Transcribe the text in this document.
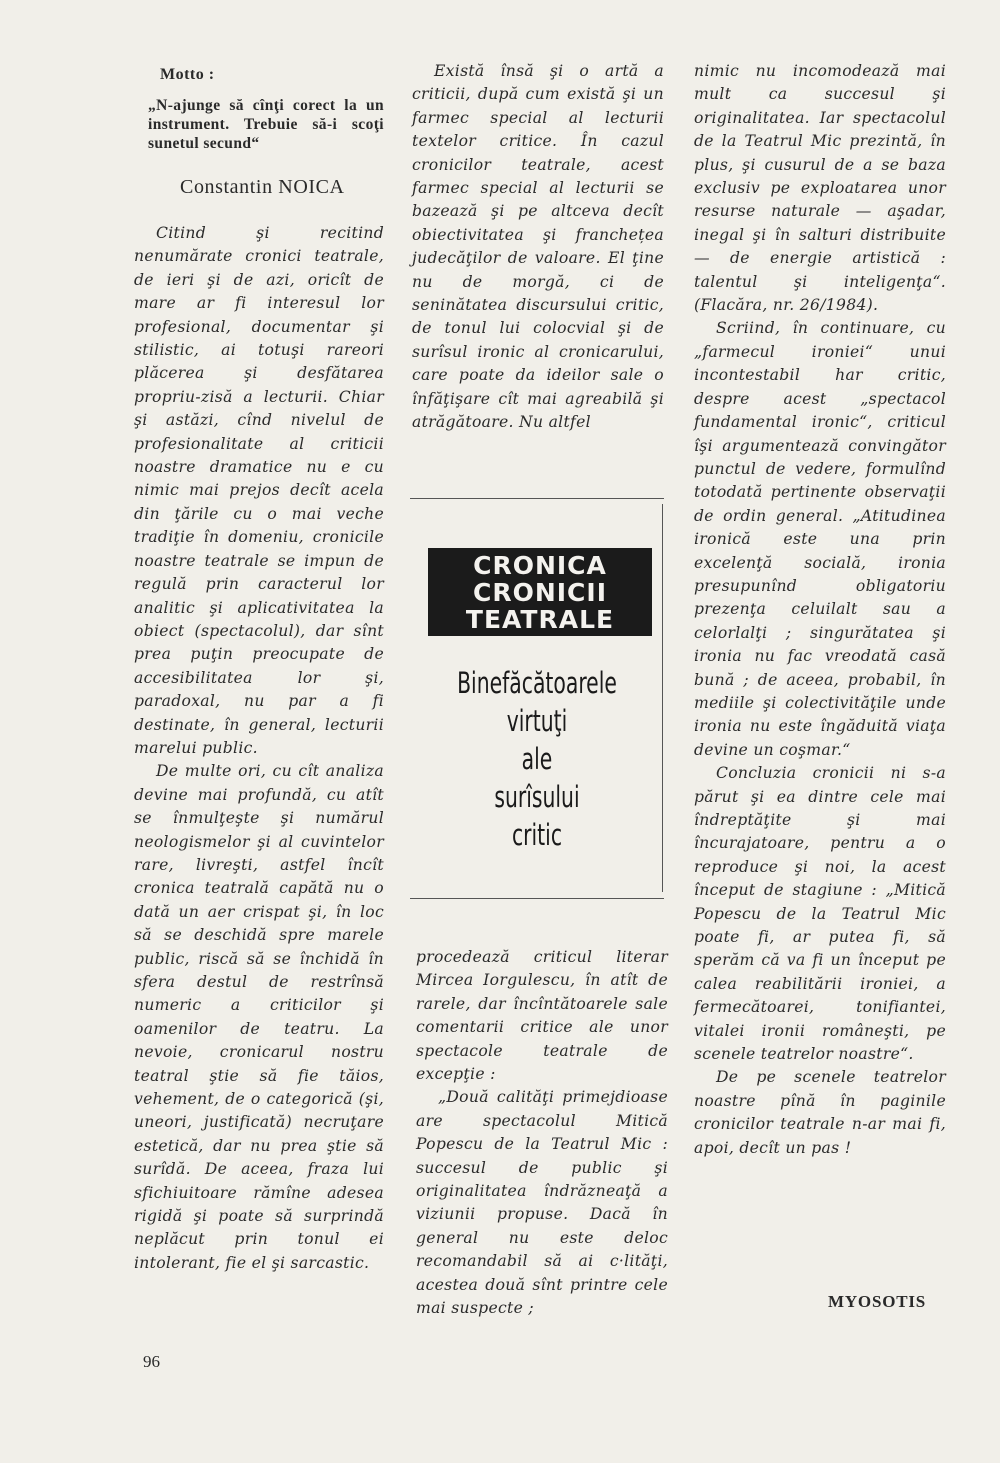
Motto :
„N-ajunge să cînţi corect la un instrument. Trebuie să-i scoţi sunetul secund“
Constantin NOICA

Citind şi recitind nenumărate cronici teatrale, de ieri şi de azi, oricît de mare ar fi interesul lor profesional, documentar şi stilistic, ai totuşi rareori plăcerea şi desfătarea propriu-zisă a lecturii. Chiar şi astăzi, cînd nivelul de profesionalitate al criticii noastre dramatice nu e cu nimic mai prejos decît acela din ţările cu o mai veche tradiţie în domeniu, cronicile noastre teatrale se impun de regulă prin caracterul lor analitic şi aplicativitatea la obiect (spectacolul), dar sînt prea puţin preocupate de accesibilitatea lor şi, paradoxal, nu par a fi destinate, în general, lecturii marelui public.

De multe ori, cu cît analiza devine mai profundă, cu atît se înmulţeşte şi numărul neologismelor şi al cuvintelor rare, livreşti, astfel încît cronica teatrală capătă nu o dată un aer crispat şi, în loc să se deschidă spre marele public, riscă să se închidă în sfera destul de restrînsă numeric a criticilor şi oamenilor de teatru. La nevoie, cronicarul nostru teatral ştie să fie tăios, vehement, de o categorică (şi, uneori, justificată) necruţare estetică, dar nu prea ştie să surîdă. De aceea, fraza lui sfichiuitoare rămîne adesea rigidă şi poate să surprindă neplăcut prin tonul ei intolerant, fie el şi sarcastic.

Există însă şi o artă a criticii, după cum există şi un farmec special al lecturii textelor critice. În cazul cronicilor teatrale, acest farmec special al lecturii se bazează şi pe altceva decît obiectivitatea şi franchețea judecăţilor de valoare. El ţine nu de morgă, ci de seninătatea discursului critic, de tonul lui colocvial şi de surîsul ironic al cronicarului, care poate da ideilor sale o înfăţişare cît mai agreabilă şi atrăgătoare. Nu altfel

CRONICA
CRONICII
TEATRALE
Binefăcătoarele
virtuţi
ale
surîsului
critic

procedează criticul literar Mircea Iorgulescu, în atît de rarele, dar încîntătoarele sale comentarii critice ale unor spectacole teatrale de excepţie :

„Două calităţi primejdioase are spectacolul Mitică Popescu de la Teatrul Mic : succesul de public şi originalitatea îndrăzneaţă a viziunii propuse. Dacă în general nu este deloc recomandabil să ai c·lităţi, acestea două sînt printre cele mai suspecte ;

nimic nu incomodează mai mult ca succesul şi originalitatea. Iar spectacolul de la Teatrul Mic prezintă, în plus, şi cusurul de a se baza exclusiv pe exploatarea unor resurse naturale — aşadar, inegal şi în salturi distribuite — de energie artistică : talentul şi inteligenţa“. (Flacăra, nr. 26/1984).

Scriind, în continuare, cu „farmecul ironiei“ unui incontestabil har critic, despre acest „spectacol fundamental ironic“, criticul îşi argumentează convingător punctul de vedere, formulînd totodată pertinente observaţii de ordin general. „Atitudinea ironică este una prin excelenţă socială, ironia presupunînd obligatoriu prezenţa celuilalt sau a celorlalţi ; singurătatea şi ironia nu fac vreodată casă bună ; de aceea, probabil, în mediile şi colectivităţile unde ironia nu este îngăduită viaţa devine un coşmar.“

Concluzia cronicii ni s-a părut şi ea dintre cele mai îndreptăţite şi mai încurajatoare, pentru a o reproduce şi noi, la acest început de stagiune : „Mitică Popescu de la Teatrul Mic poate fi, ar putea fi, să sperăm că va fi un început pe calea reabilitării ironiei, a fermecătoarei, tonifiantei, vitalei ironii româneşti, pe scenele teatrelor noastre“.

De pe scenele teatrelor noastre pînă în paginile cronicilor teatrale n-ar mai fi, apoi, decît un pas !

MYOSOTIS
96
